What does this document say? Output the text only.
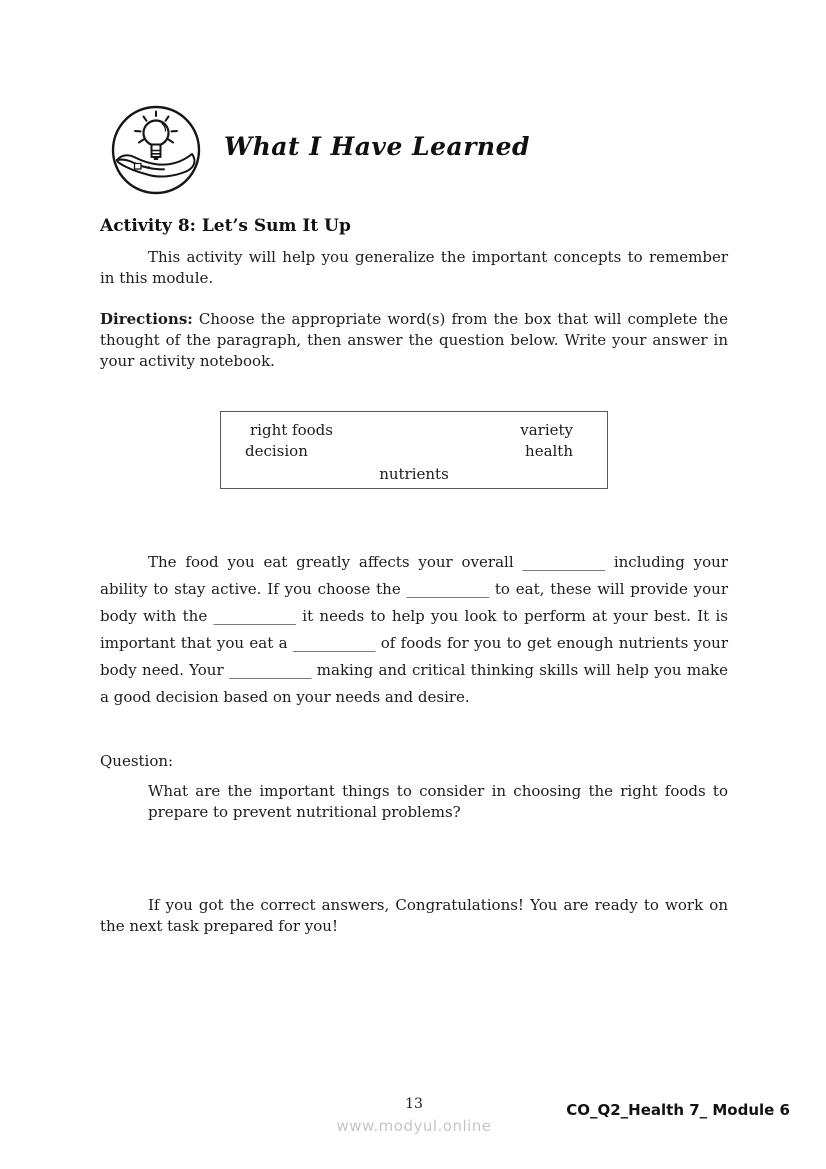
What I Have Learned
Activity 8: Let’s Sum It Up

This activity will help you generalize the important concepts to remember in this module.

Directions: Choose the appropriate word(s) from the box that will complete the thought of the paragraph, then answer the question below. Write your answer in your activity notebook.

right foods	variety
decision	health
nutrients

The food you eat greatly affects your overall ___________ including your ability to stay active. If you choose the ___________ to eat, these will provide your body with the ___________ it needs to help you look to perform at your best. It is important that you eat a ___________ of foods for you to get enough nutrients your body need. Your ___________ making and critical thinking skills will help you make a good decision based on your needs and desire.

Question:

What are the important things to consider in choosing the right foods to prepare to prevent nutritional problems?

If you got the correct answers, Congratulations! You are ready to work on the next task prepared for you!

13
www.modyul.online
CO_Q2_Health 7_ Module 6
